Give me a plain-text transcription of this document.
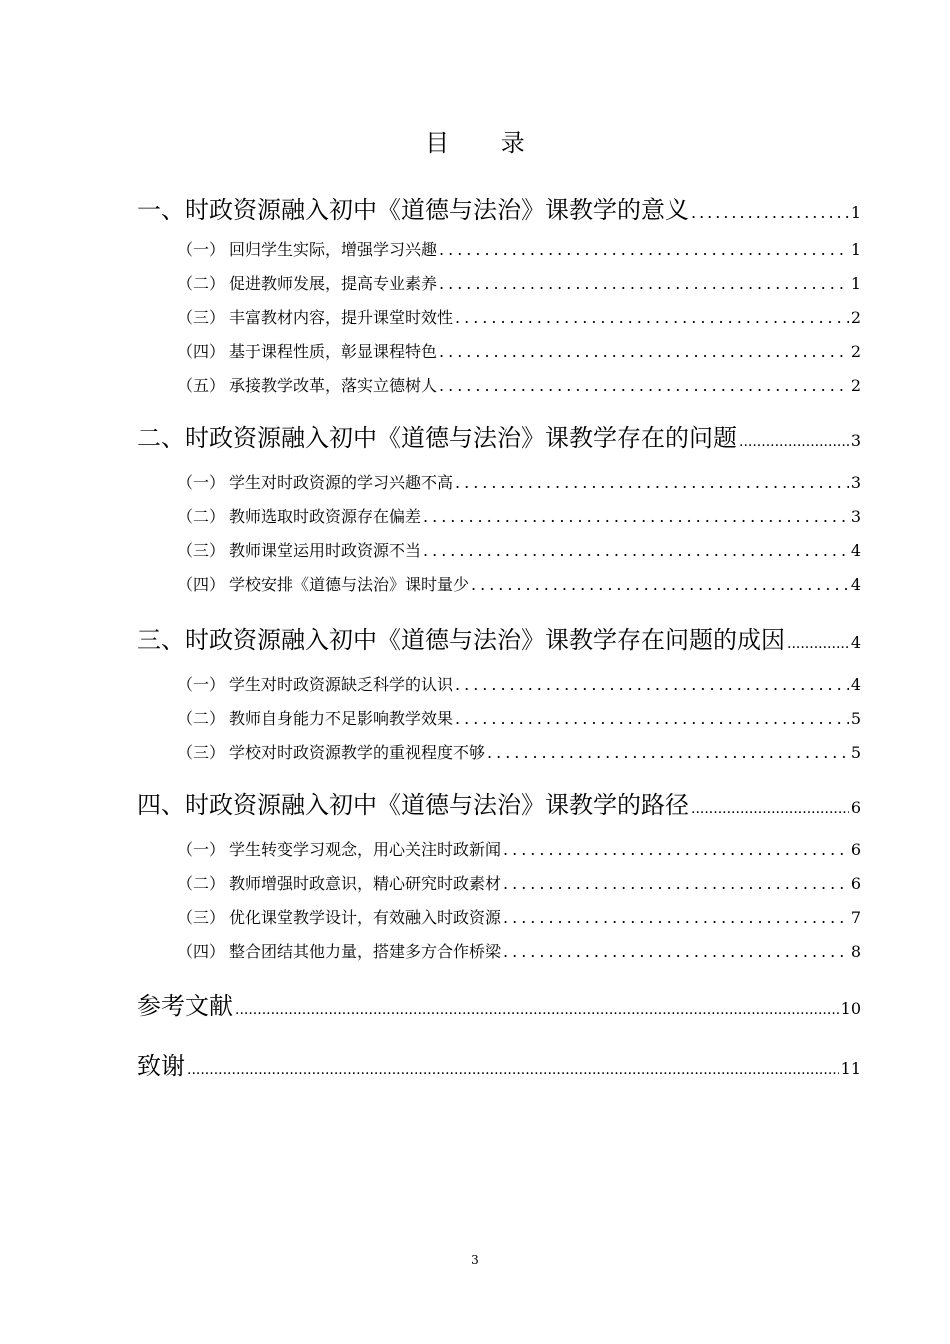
目 录
一、时政资源融入初中《道德与法治》课教学的意义 .....	1
（一） 回归学生实际，增强学习兴趣 .....	1
（二） 促进教师发展，提高专业素养 .....	1
（三） 丰富教材内容，提升课堂时效性 .....	2
（四） 基于课程性质，彰显课程特色 .....	2
（五） 承接教学改革，落实立德树人 .....	2
二、时政资源融入初中《道德与法治》课教学存在的问题 .....	3
（一） 学生对时政资源的学习兴趣不高 .....	3
（二） 教师选取时政资源存在偏差 .....	3
（三） 教师课堂运用时政资源不当 .....	4
（四） 学校安排《道德与法治》课时量少 .....	4
三、时政资源融入初中《道德与法治》课教学存在问题的成因 .....	4
（一） 学生对时政资源缺乏科学的认识 .....	4
（二） 教师自身能力不足影响教学效果 .....	5
（三） 学校对时政资源教学的重视程度不够 .....	5
四、时政资源融入初中《道德与法治》课教学的路径 .....	6
（一） 学生转变学习观念，用心关注时政新闻 .....	6
（二） 教师增强时政意识，精心研究时政素材 .....	6
（三） 优化课堂教学设计，有效融入时政资源 .....	7
（四） 整合团结其他力量，搭建多方合作桥梁 .....	8
参考文献 .....	10
致谢 .....	11
3
